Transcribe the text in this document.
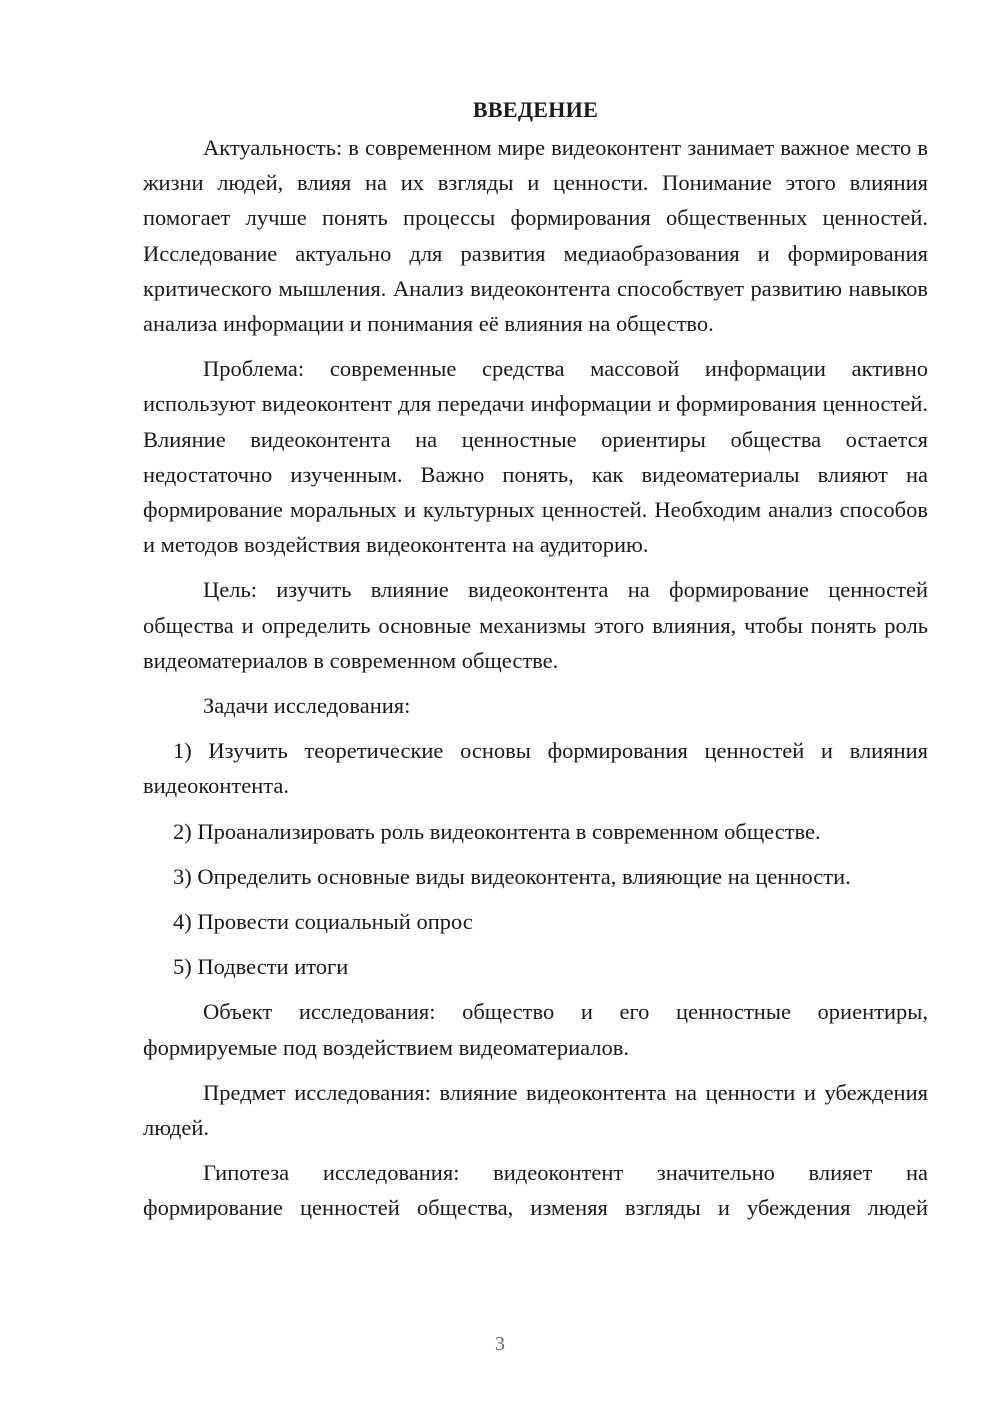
ВВЕДЕНИЕ

Актуальность: в современном мире видеоконтент занимает важное место в жизни людей, влияя на их взгляды и ценности. Понимание этого влияния помогает лучше понять процессы формирования общественных ценностей. Исследование актуально для развития медиаобразования и формирования критического мышления. Анализ видеоконтента способствует развитию навыков анализа информации и понимания её влияния на общество.

Проблема: современные средства массовой информации активно используют видеоконтент для передачи информации и формирования ценностей. Влияние видеоконтента на ценностные ориентиры общества остается недостаточно изученным. Важно понять, как видеоматериалы влияют на формирование моральных и культурных ценностей. Необходим анализ способов и методов воздействия видеоконтента на аудиторию.

Цель: изучить влияние видеоконтента на формирование ценностей общества и определить основные механизмы этого влияния, чтобы понять роль видеоматериалов в современном обществе.

Задачи исследования:

1) Изучить теоретические основы формирования ценностей и влияния видеоконтента.

2) Проанализировать роль видеоконтента в современном обществе.

3) Определить основные виды видеоконтента, влияющие на ценности.

4) Провести социальный опрос

5) Подвести итоги

Объект исследования: общество и его ценностные ориентиры, формируемые под воздействием видеоматериалов.

Предмет исследования: влияние видеоконтента на ценности и убеждения людей.

Гипотеза исследования: видеоконтент значительно влияет на формирование ценностей общества, изменяя взгляды и убеждения людей

3
